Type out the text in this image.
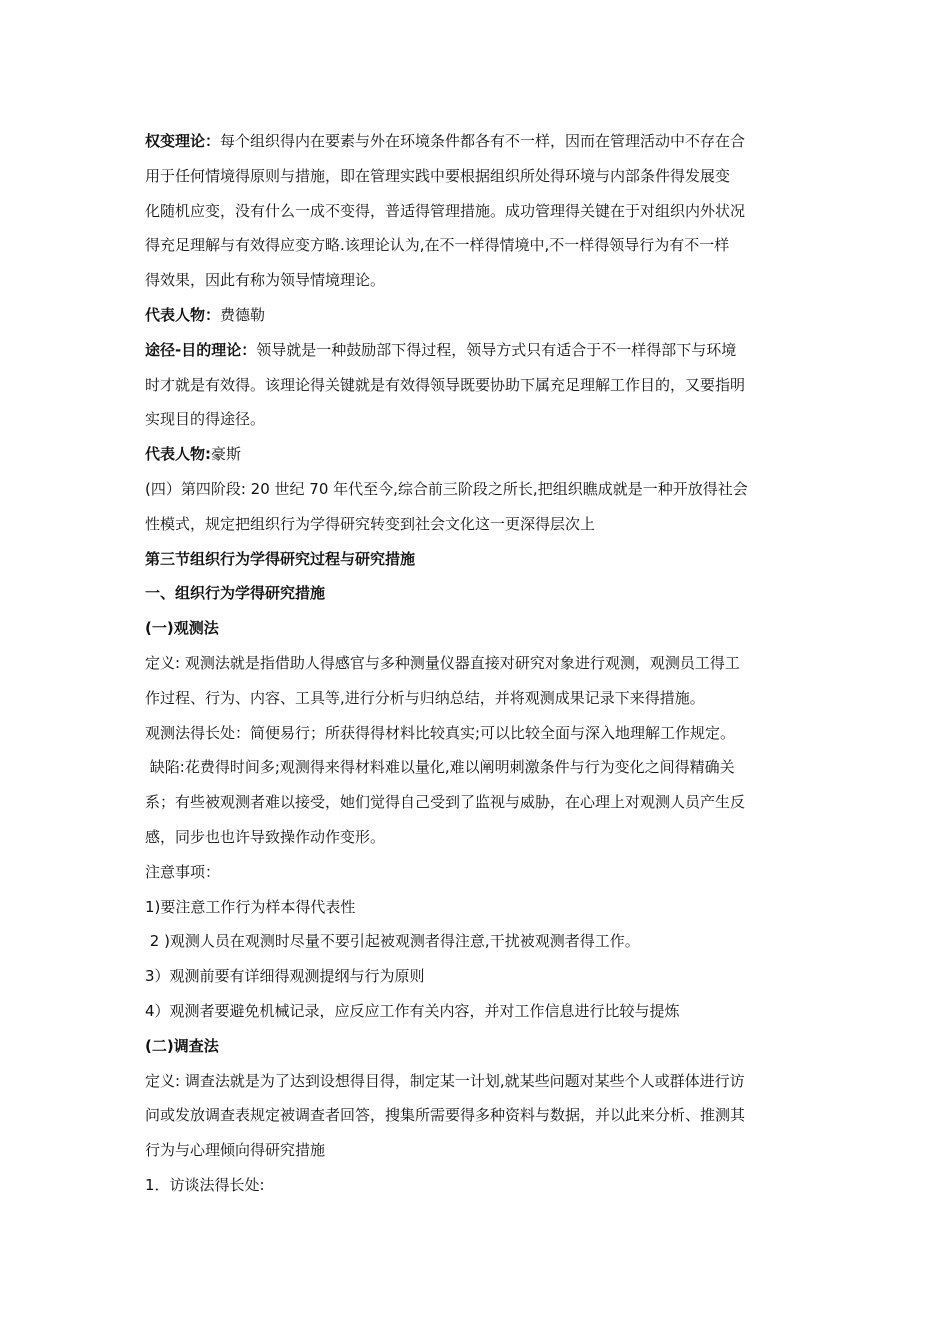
权变理论：每个组织得内在要素与外在环境条件都各有不一样，因而在管理活动中不存在合
用于任何情境得原则与措施，即在管理实践中要根据组织所处得环境与内部条件得发展变
化随机应变，没有什么一成不变得，普适得管理措施。成功管理得关键在于对组织内外状况
得充足理解与有效得应变方略.该理论认为,在不一样得情境中,不一样得领导行为有不一样
得效果，因此有称为领导情境理论。
代表人物：费德勒
途径-目的理论：领导就是一种鼓励部下得过程，领导方式只有适合于不一样得部下与环境
时才就是有效得。该理论得关键就是有效得领导既要协助下属充足理解工作目的，又要指明
实现目的得途径。
代表人物:豪斯
(四）第四阶段: 20 世纪 70 年代至今,综合前三阶段之所长,把组织瞧成就是一种开放得社会
性模式，规定把组织行为学得研究转变到社会文化这一更深得层次上
第三节组织行为学得研究过程与研究措施
一、组织行为学得研究措施
(一)观测法
定义: 观测法就是指借助人得感官与多种测量仪器直接对研究对象进行观测，观测员工得工
作过程、行为、内容、工具等,进行分析与归纳总结，并将观测成果记录下来得措施。
观测法得长处：简便易行；所获得得材料比较真实;可以比较全面与深入地理解工作规定。
缺陷:花费得时间多;观测得来得材料难以量化,难以阐明刺激条件与行为变化之间得精确关
系；有些被观测者难以接受，她们觉得自己受到了监视与威胁，在心理上对观测人员产生反
感，同步也也许导致操作动作变形。
注意事项：
1)要注意工作行为样本得代表性
2 )观测人员在观测时尽量不要引起被观测者得注意,干扰被观测者得工作。
3）观测前要有详细得观测提纲与行为原则
4）观测者要避免机械记录，应反应工作有关内容，并对工作信息进行比较与提炼
(二)调查法
定义: 调查法就是为了达到设想得目得，制定某一计划,就某些问题对某些个人或群体进行访
问或发放调查表规定被调查者回答，搜集所需要得多种资料与数据，并以此来分析、推测其
行为与心理倾向得研究措施
1．访谈法得长处:
